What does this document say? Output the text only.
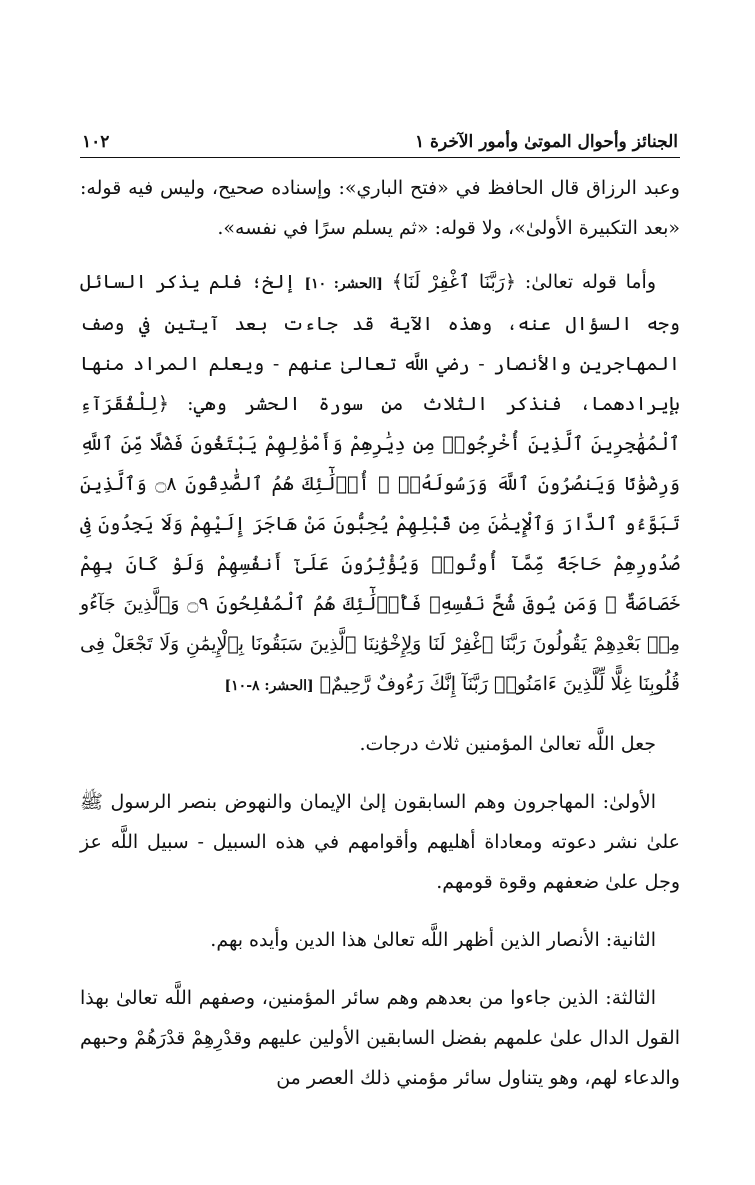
الجنائز وأحوال الموتىٰ وأمور الآخرة ١
١٠٢

وعبد الرزاق قال الحافظ في «فتح الباري»: وإسناده صحيح، وليس فيه قوله: «بعد التكبيرة الأولىٰ»، ولا قوله: «ثم يسلم سرًا في نفسه».

وأما قوله تعالىٰ: ﴿رَبَّنَا ٱغْفِرْ لَنَا﴾ [الحشر: ١٠] إلخ؛ فلم يذكر السائل وجه السؤال عنه، وهذه الآية قد جاءت بعد آيتين في وصف المهاجرين والأنصار - رضي اللَّه تعالىٰ عنهم - ويعلم المراد منها بإيرادهما، فنذكر الثلاث من سورة الحشر وهي: ﴿لِلْفُقَرَآءِ ٱلْمُهَٰجِرِينَ ٱلَّذِينَ أُخْرِجُوا۟ مِن دِيَٰرِهِمْ وَأَمْوَٰلِهِمْ يَبْتَغُونَ فَضْلًا مِّنَ ٱللَّهِ وَرِضْوَٰنًا وَيَنصُرُونَ ٱللَّهَ وَرَسُولَهُۥٓ ۚ أُو۟لَٰٓئِكَ هُمُ ٱلصَّٰدِقُونَ ۝٨ وَٱلَّذِينَ تَبَوَّءُو ٱلدَّارَ وَٱلْإِيمَٰنَ مِن قَبْلِهِمْ يُحِبُّونَ مَنْ هَاجَرَ إِلَيْهِمْ وَلَا يَجِدُونَ فِى صُدُورِهِمْ حَاجَةً مِّمَّآ أُوتُوا۟ وَيُؤْثِرُونَ عَلَىٰٓ أَنفُسِهِمْ وَلَوْ كَانَ بِهِمْ خَصَاصَةٌ ۚ وَمَن يُوقَ شُحَّ نَفْسِهِۦ فَأُو۟لَٰٓئِكَ هُمُ ٱلْمُفْلِحُونَ ۝٩ وَٱلَّذِينَ جَآءُو مِنۢ بَعْدِهِمْ يَقُولُونَ رَبَّنَا ٱغْفِرْ لَنَا وَلِإِخْوَٰنِنَا ٱلَّذِينَ سَبَقُونَا بِٱلْإِيمَٰنِ وَلَا تَجْعَلْ فِى قُلُوبِنَا غِلًّا لِّلَّذِينَ ءَامَنُوا۟ رَبَّنَآ إِنَّكَ رَءُوفٌ رَّحِيمٌ﴾ [الحشر: ٨-١٠]

جعل اللَّه تعالىٰ المؤمنين ثلاث درجات.

الأولىٰ: المهاجرون وهم السابقون إلىٰ الإيمان والنهوض بنصر الرسول ﷺ علىٰ نشر دعوته ومعاداة أهليهم وأقوامهم في هذه السبيل - سبيل اللَّه عز وجل علىٰ ضعفهم وقوة قومهم.

الثانية: الأنصار الذين أظهر اللَّه تعالىٰ هذا الدين وأيده بهم.

الثالثة: الذين جاءوا من بعدهم وهم سائر المؤمنين، وصفهم اللَّه تعالىٰ بهذا القول الدال علىٰ علمهم بفضل السابقين الأولين عليهم وقدْرِهِمْ قدْرَهُمْ وحبهم والدعاء لهم، وهو يتناول سائر مؤمني ذلك العصر من
